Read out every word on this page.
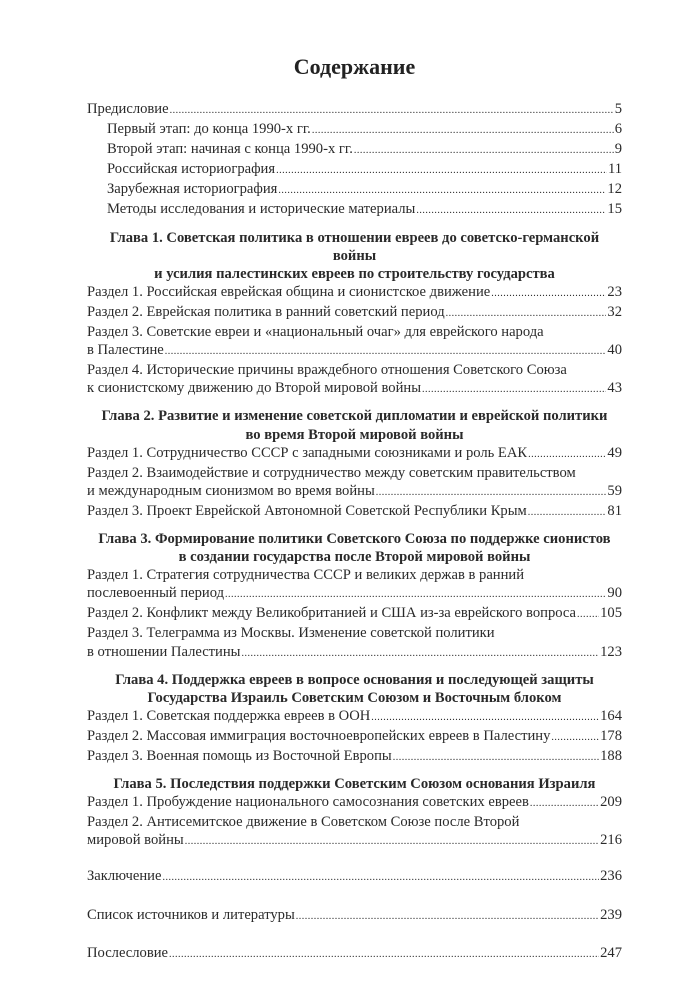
Содержание
Предисловие .....	5
Первый этап: до конца 1990-х гг. .....	6
Второй этап: начиная с конца 1990-х гг. .....	9
Российская историография .....	11
Зарубежная историография .....	12
Методы исследования и исторические материалы .....	15
Глава 1. Советская политика в отношении евреев до советско-германской войны
и усилия палестинских евреев по строительству государства
Раздел 1. Российская еврейская община и сионистское движение .....	23
Раздел 2. Еврейская политика в ранний советский период .....	32
Раздел 3. Советские евреи и «национальный очаг» для еврейского народа
в Палестине .....	40
Раздел 4. Исторические причины враждебного отношения Советского Союза
к сионистскому движению до Второй мировой войны .....	43
Глава 2. Развитие и изменение советской дипломатии и еврейской политики
во время Второй мировой войны
Раздел 1. Сотрудничество СССР с западными союзниками и роль ЕАК .....	49
Раздел 2. Взаимодействие и сотрудничество между советским правительством
и международным сионизмом во время войны .....	59
Раздел 3. Проект Еврейской Автономной Советской Республики Крым .....	81
Глава 3. Формирование политики Советского Союза по поддержке сионистов
в создании государства после Второй мировой войны
Раздел 1. Стратегия сотрудничества СССР и великих держав в ранний
послевоенный период .....	90
Раздел 2. Конфликт между Великобританией и США из-за еврейского вопроса ..... 105
Раздел 3. Телеграмма из Москвы. Изменение советской политики
в отношении Палестины .....	123
Глава 4. Поддержка евреев в вопросе основания и последующей защиты
Государства Израиль Советским Союзом и Восточным блоком
Раздел 1. Советская поддержка евреев в ООН .....	164
Раздел 2. Массовая иммиграция восточноевропейских евреев в Палестину .....	178
Раздел 3. Военная помощь из Восточной Европы .....	188
Глава 5. Последствия поддержки Советским Союзом основания Израиля
Раздел 1. Пробуждение национального самосознания советских евреев .....	209
Раздел 2. Антисемитское движение в Советском Союзе после Второй
мировой войны .....	216
Заключение .....	236
Список источников и литературы .....	239
Послесловие .....	247
